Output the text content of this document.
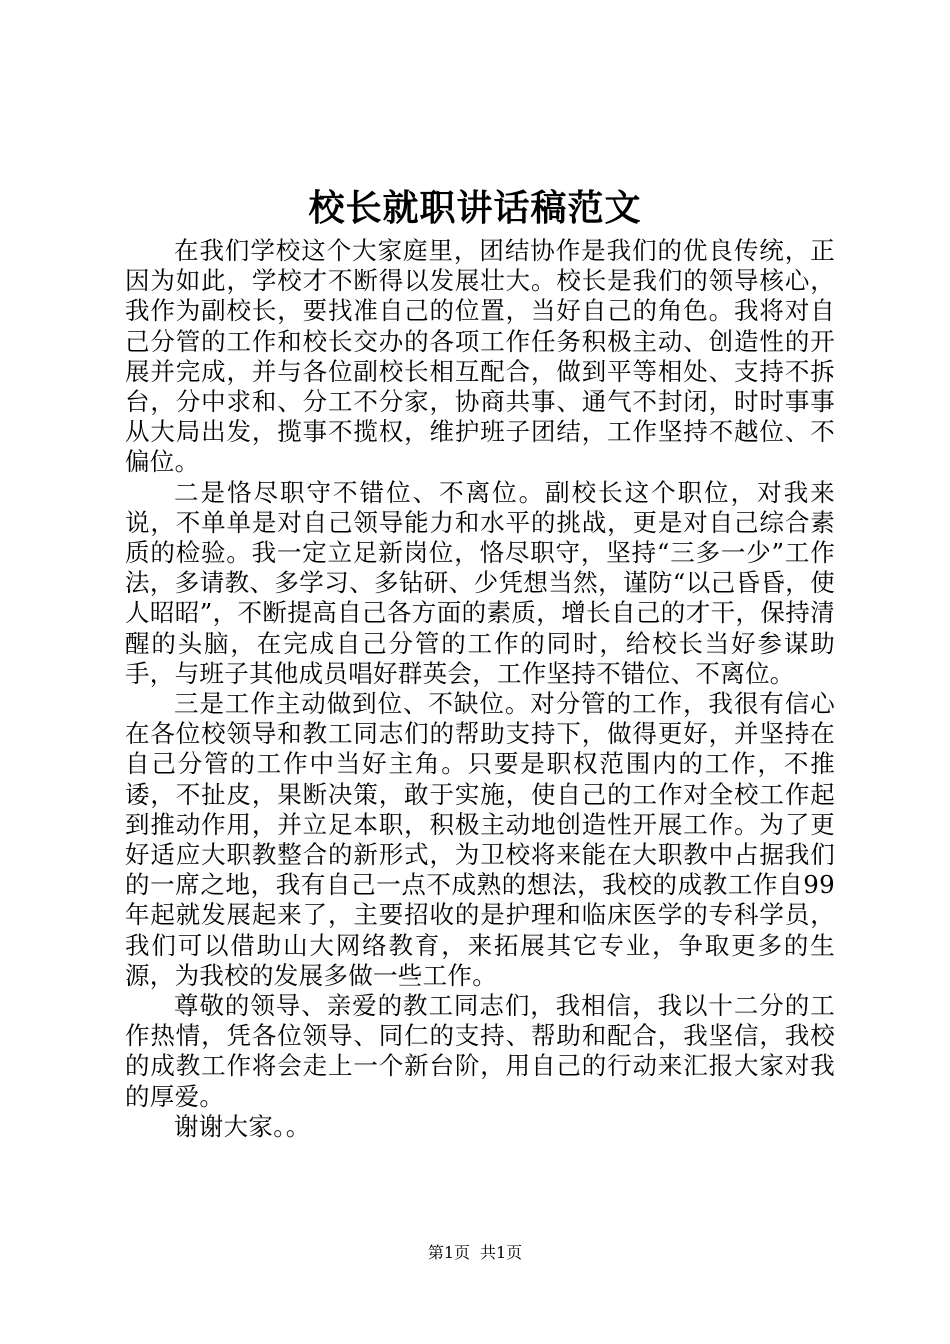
校长就职讲话稿范文

在我们学校这个大家庭里，团结协作是我们的优良传统，正因为如此，学校才不断得以发展壮大。校长是我们的领导核心，我作为副校长，要找准自己的位置，当好自己的角色。我将对自己分管的工作和校长交办的各项工作任务积极主动、创造性的开展并完成，并与各位副校长相互配合，做到平等相处、支持不拆台，分中求和、分工不分家，协商共事、通气不封闭，时时事事从大局出发，揽事不揽权，维护班子团结，工作坚持不越位、不偏位。

二是恪尽职守不错位、不离位。副校长这个职位，对我来说，不单单是对自己领导能力和水平的挑战，更是对自己综合素质的检验。我一定立足新岗位，恪尽职守，坚持“三多一少”工作法，多请教、多学习、多钻研、少凭想当然，谨防“以己昏昏，使人昭昭”，不断提高自己各方面的素质，增长自己的才干，保持清醒的头脑，在完成自己分管的工作的同时，给校长当好参谋助手，与班子其他成员唱好群英会，工作坚持不错位、不离位。

三是工作主动做到位、不缺位。对分管的工作，我很有信心在各位校领导和教工同志们的帮助支持下，做得更好，并坚持在自己分管的工作中当好主角。只要是职权范围内的工作，不推诿，不扯皮，果断决策，敢于实施，使自己的工作对全校工作起到推动作用，并立足本职，积极主动地创造性开展工作。为了更好适应大职教整合的新形式，为卫校将来能在大职教中占据我们的一席之地，我有自己一点不成熟的想法，我校的成教工作自99年起就发展起来了，主要招收的是护理和临床医学的专科学员，我们可以借助山大网络教育，来拓展其它专业，争取更多的生源，为我校的发展多做一些工作。

尊敬的领导、亲爱的教工同志们，我相信，我以十二分的工作热情，凭各位领导、同仁的支持、帮助和配合，我坚信，我校的成教工作将会走上一个新台阶，用自己的行动来汇报大家对我的厚爱。

谢谢大家。。

第1页 共1页
